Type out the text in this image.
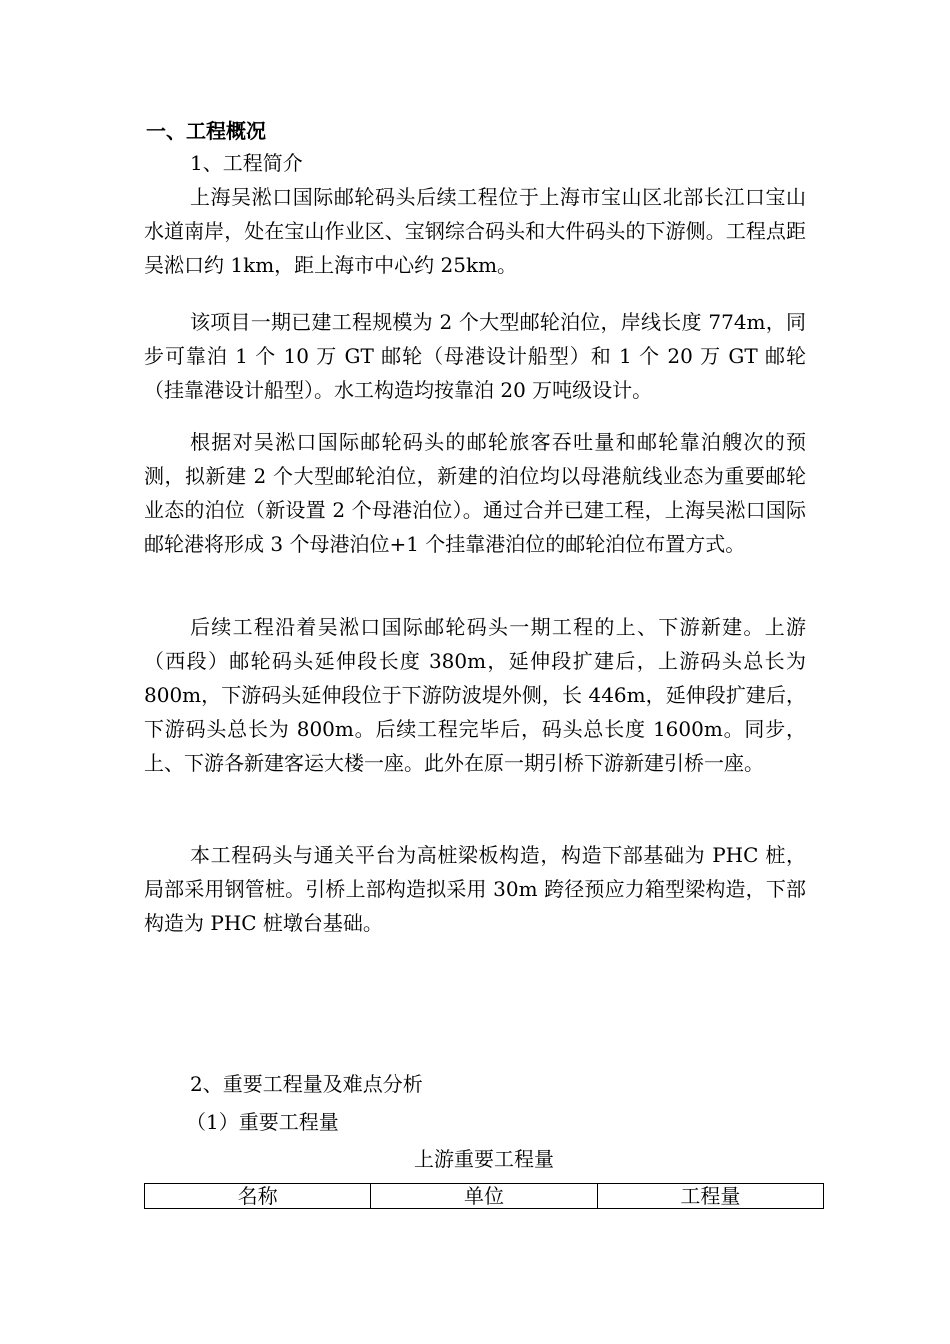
一、工程概况

1、工程简介

上海吴淞口国际邮轮码头后续工程位于上海市宝山区北部长江口宝山水道南岸，处在宝山作业区、宝钢综合码头和大件码头的下游侧。工程点距吴淞口约 1km，距上海市中心约 25km。

该项目一期已建工程规模为 2 个大型邮轮泊位，岸线长度 774m，同步可靠泊 1 个 10 万 GT 邮轮（母港设计船型）和 1 个 20 万 GT 邮轮（挂靠港设计船型）。水工构造均按靠泊 20 万吨级设计。

根据对吴淞口国际邮轮码头的邮轮旅客吞吐量和邮轮靠泊艘次的预测，拟新建 2 个大型邮轮泊位，新建的泊位均以母港航线业态为重要邮轮业态的泊位（新设置 2 个母港泊位）。通过合并已建工程，上海吴淞口国际邮轮港将形成 3 个母港泊位+1 个挂靠港泊位的邮轮泊位布置方式。

后续工程沿着吴淞口国际邮轮码头一期工程的上、下游新建。上游（西段）邮轮码头延伸段长度 380m，延伸段扩建后，上游码头总长为 800m，下游码头延伸段位于下游防波堤外侧，长 446m，延伸段扩建后，下游码头总长为 800m。后续工程完毕后，码头总长度 1600m。同步，上、下游各新建客运大楼一座。此外在原一期引桥下游新建引桥一座。

本工程码头与通关平台为高桩梁板构造，构造下部基础为 PHC 桩，局部采用钢管桩。引桥上部构造拟采用 30m 跨径预应力箱型梁构造，下部构造为 PHC 桩墩台基础。

2、重要工程量及难点分析

（1）重要工程量

上游重要工程量

名称	单位	工程量
